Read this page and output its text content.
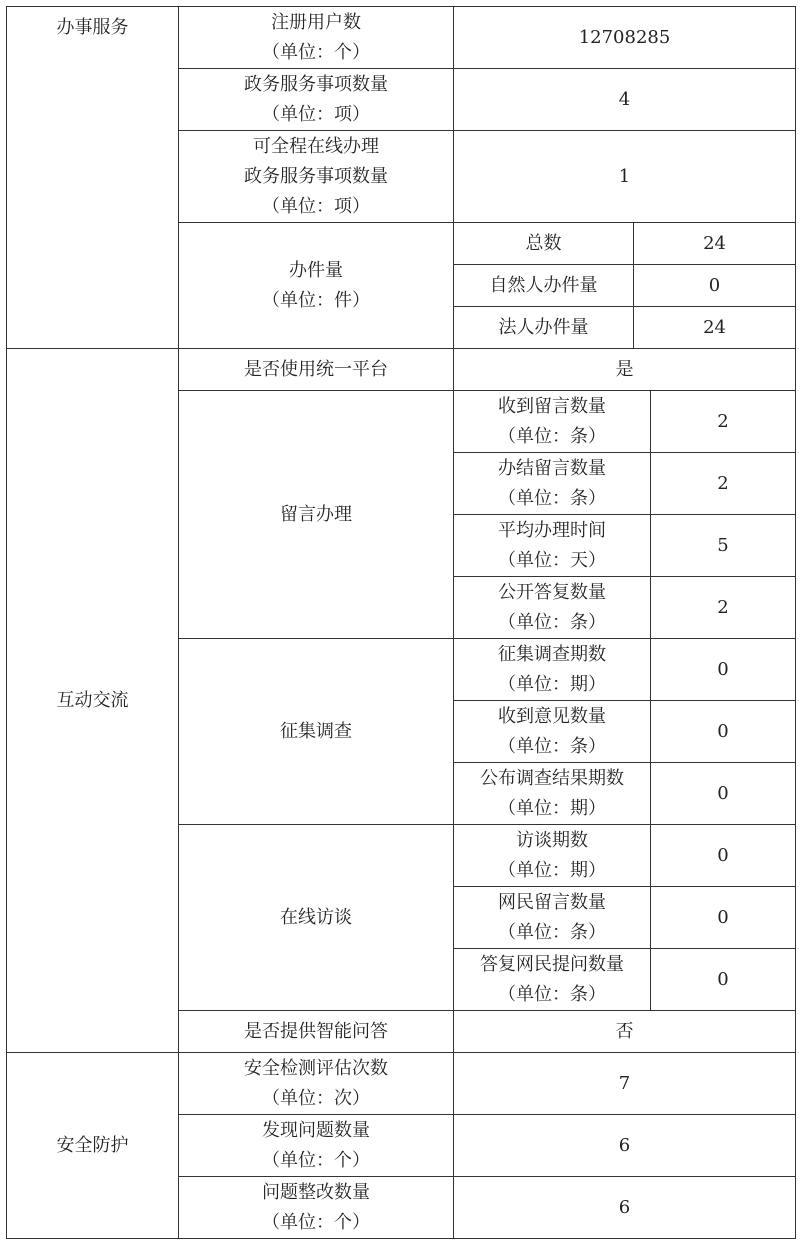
办事服务	注册用户数
（单位：个）	12708285		

	政务服务事项数量
（单位：项）	4		

	可全程在线办理
政务服务事项数量
（单位：项）	1		

	办件量
（单位：件）	总数	24	
		自然人办件量	0	
		法人办件量	24	
互动交流	是否使用统一平台	是		
	留言办理	收到留言数量
（单位：条）		2

		办结留言数量
（单位：条）		2

		平均办理时间
（单位：天）		5

		公开答复数量
（单位：条）		2
	征集调查	征集调查期数
（单位：期）		0

		收到意见数量
（单位：条）		0

		公布调查结果期数
（单位：期）		0
	在线访谈	访谈期数
（单位：期）		0

		网民留言数量
（单位：条）		0

		答复网民提问数量
（单位：条）		0
	是否提供智能问答	否		
安全防护	安全检测评估次数
（单位：次）	7		

	发现问题数量
（单位：个）	6		

	问题整改数量
（单位：个）	6		
